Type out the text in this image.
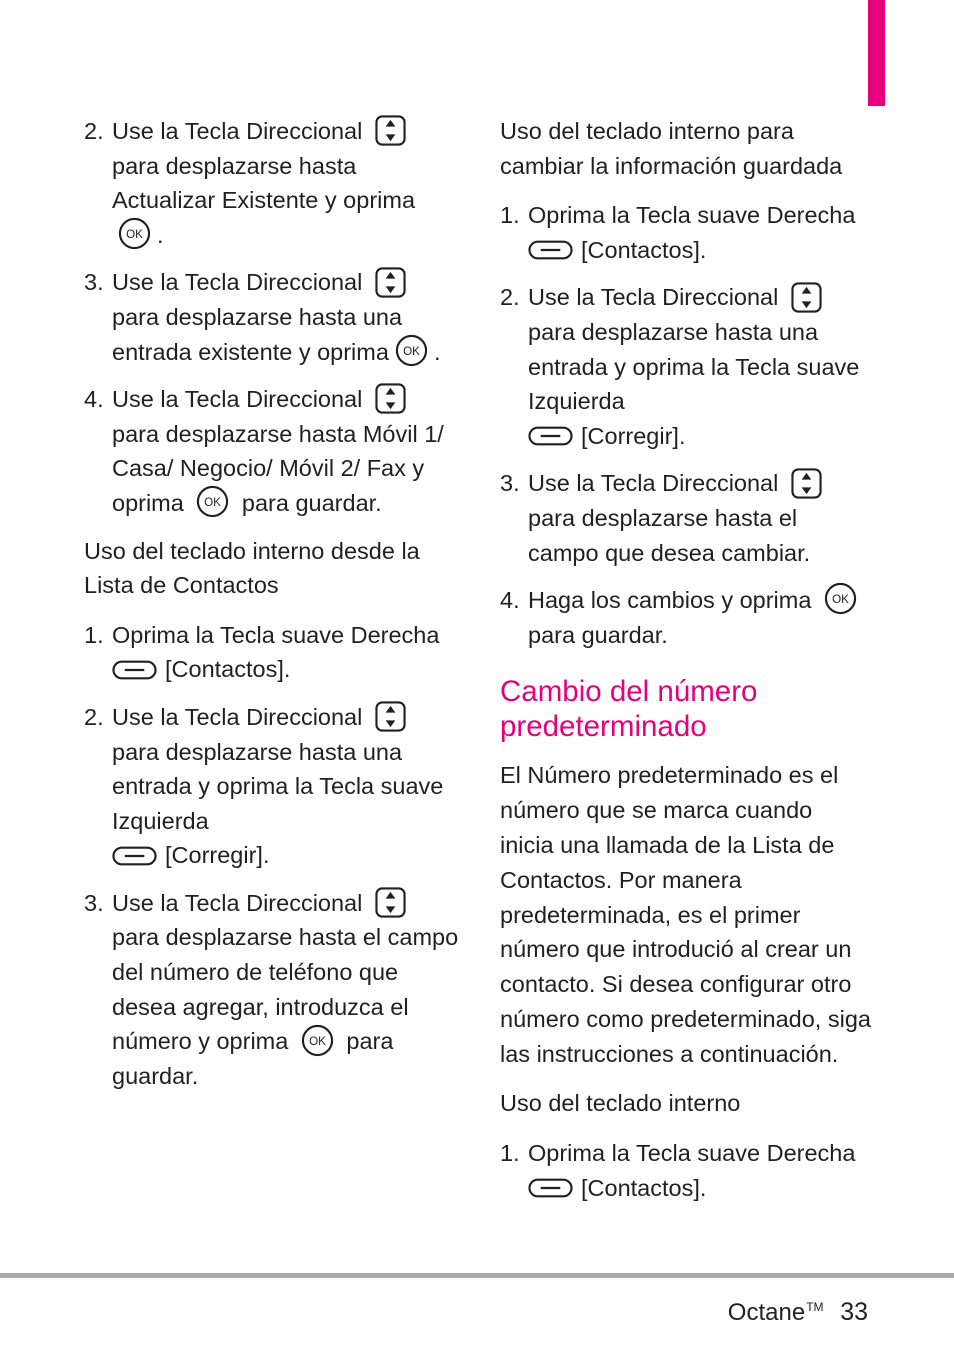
2. Use la Tecla Direccional  para desplazarse hasta Actualizar Existente y oprima
OK .
3. Use la Tecla Direccional  para desplazarse hasta una entrada existente y oprima OK .
4. Use la Tecla Direccional  para desplazarse hasta Móvil 1/ Casa/ Negocio/ Móvil 2/ Fax y oprima OK para guardar.
Uso del teclado interno desde la Lista de Contactos
1. Oprima la Tecla suave Derecha
[Contactos].
2. Use la Tecla Direccional  para desplazarse hasta una entrada y oprima la Tecla suave Izquierda
[Corregir].
3. Use la Tecla Direccional  para desplazarse hasta el campo del número de teléfono que desea agregar, introduzca el número y oprima OK para guardar.
Uso del teclado interno para cambiar la información guardada
1. Oprima la Tecla suave Derecha
[Contactos].
2. Use la Tecla Direccional  para desplazarse hasta una entrada y oprima la Tecla suave Izquierda
[Corregir].
3. Use la Tecla Direccional  para desplazarse hasta el campo que desea cambiar.
4. Haga los cambios y oprima OK
para guardar.
Cambio del número predeterminado
El Número predeterminado es el número que se marca cuando inicia una llamada de la Lista de Contactos. Por manera predeterminada, es el primer número que introdució al crear un contacto. Si desea configurar otro número como predeterminado, siga las instrucciones a continuación.
Uso del teclado interno
1. Oprima la Tecla suave Derecha
[Contactos].
Octane™ 33
